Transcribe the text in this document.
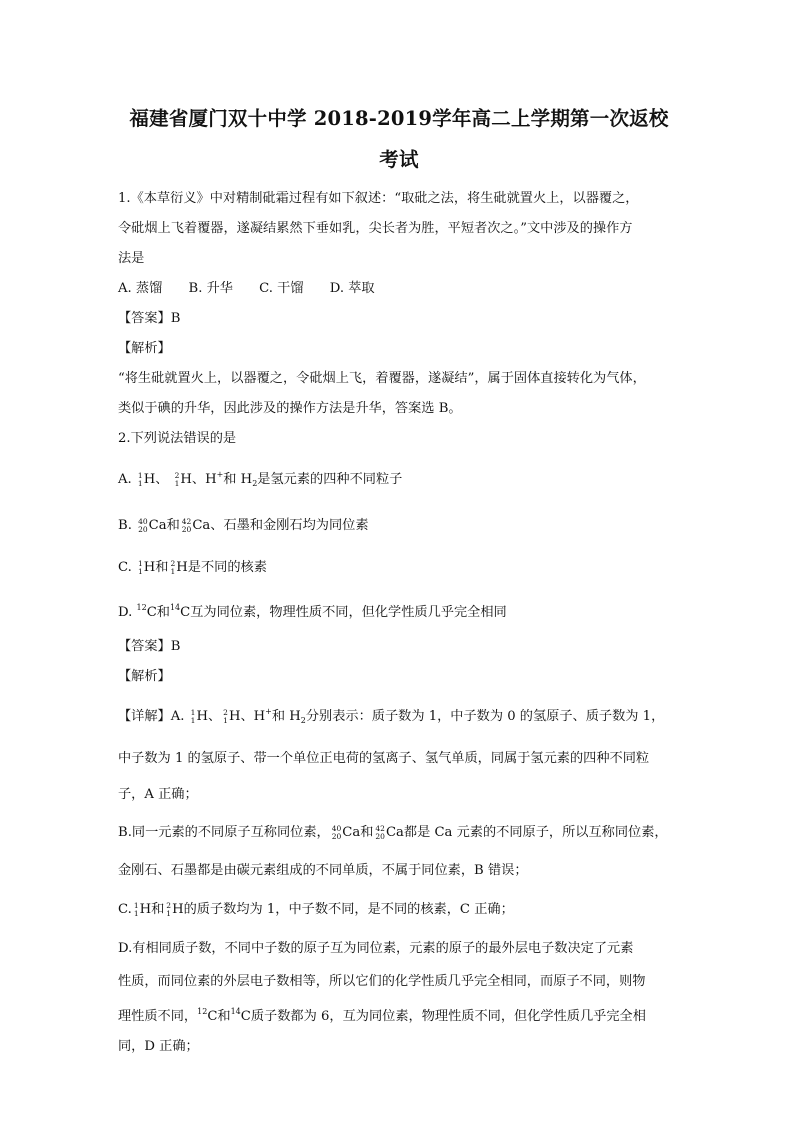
福建省厦门双十中学 2018-2019学年高二上学期第一次返校
考试

1.《本草衍义》中对精制砒霜过程有如下叙述：“取砒之法，将生砒就置火上，以器覆之，

令砒烟上飞着覆器，遂凝结累然下垂如乳，尖长者为胜，平短者次之。”文中涉及的操作方

法是

A. 蒸馏 B. 升华 C. 干馏 D. 萃取

【答案】B

【解析】

“将生砒就置火上，以器覆之，令砒烟上飞，着覆器，遂凝结”，属于固体直接转化为气体，

类似于碘的升华，因此涉及的操作方法是升华，答案选 B。

2.下列说法错误的是

A. 1
1 H、 2
1 H、H+和 $H_2$是氢元素的四种不同粒子

B. 40
20 Ca和 42
20 Ca、石墨和金刚石均为同位素

C. 1
1 H和 2
1 H是不同的核素

D. $^{12}$C和$^{14}$C互为同位素，物理性质不同，但化学性质几乎完全相同

【答案】B

【解析】

【详解】A. 1
1 H、 2
1 H、H+和 $H_2$分别表示：质子数为 1，中子数为 0 的氢原子、质子数为 1，

中子数为 1 的氢原子、带一个单位正电荷的氢离子、氢气单质，同属于氢元素的四种不同粒

子，A 正确；

B.同一元素的不同原子互称同位素， 40
20 Ca和 42
20 Ca都是 Ca 元素的不同原子，所以互称同位素，

金刚石、石墨都是由碳元素组成的不同单质，不属于同位素，B 错误；

C. 1
1 H和 2
1 H的质子数均为 1，中子数不同，是不同的核素，C 正确；

D.有相同质子数，不同中子数的原子互为同位素，元素的原子的最外层电子数决定了元素

性质，而同位素的外层电子数相等，所以它们的化学性质几乎完全相同，而原子不同，则物

理性质不同，$^{12}$C和$^{14}$C质子数都为 6，互为同位素，物理性质不同，但化学性质几乎完全相

同，D 正确；
